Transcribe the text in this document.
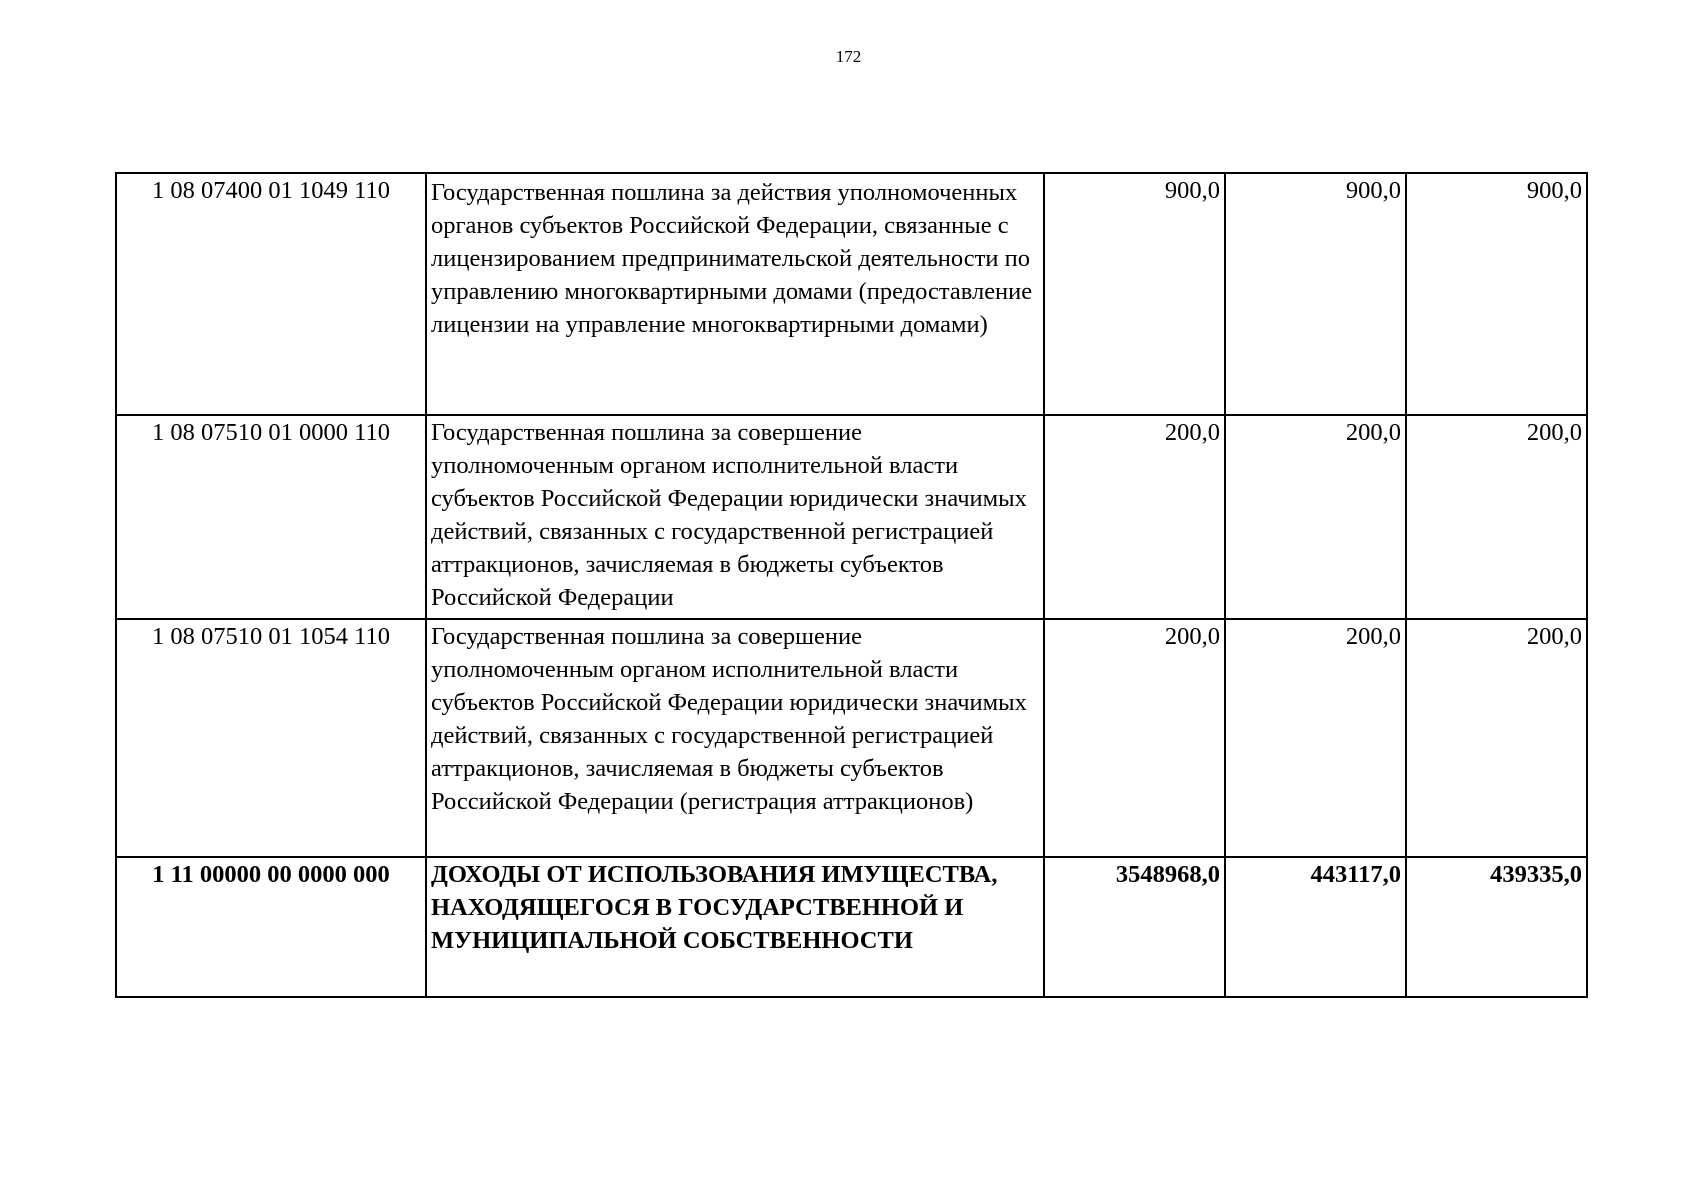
172
1 08 07400 01 1049 110	Государственная пошлина за действия уполномоченных органов субъектов Российской Федерации, связанные с лицензированием предпринимательской деятельности по управлению многоквартирными домами (предоставление лицензии на управление многоквартирными домами)	900,0	900,0	900,0
1 08 07510 01 0000 110	Государственная пошлина за совершение уполномоченным органом исполнительной власти субъектов Российской Федерации юридически значимых действий, связанных с государственной регистрацией аттракционов, зачисляемая в бюджеты субъектов Российской Федерации	200,0	200,0	200,0
1 08 07510 01 1054 110	Государственная пошлина за совершение уполномоченным органом исполнительной власти субъектов Российской Федерации юридически значимых действий, связанных с государственной регистрацией аттракционов, зачисляемая в бюджеты субъектов Российской Федерации (регистрация аттракционов)	200,0	200,0	200,0
1 11 00000 00 0000 000	ДОХОДЫ ОТ ИСПОЛЬЗОВАНИЯ ИМУЩЕСТВА, НАХОДЯЩЕГОСЯ В ГОСУДАРСТВЕННОЙ И МУНИЦИПАЛЬНОЙ СОБСТВЕННОСТИ	3548968,0	443117,0	439335,0
